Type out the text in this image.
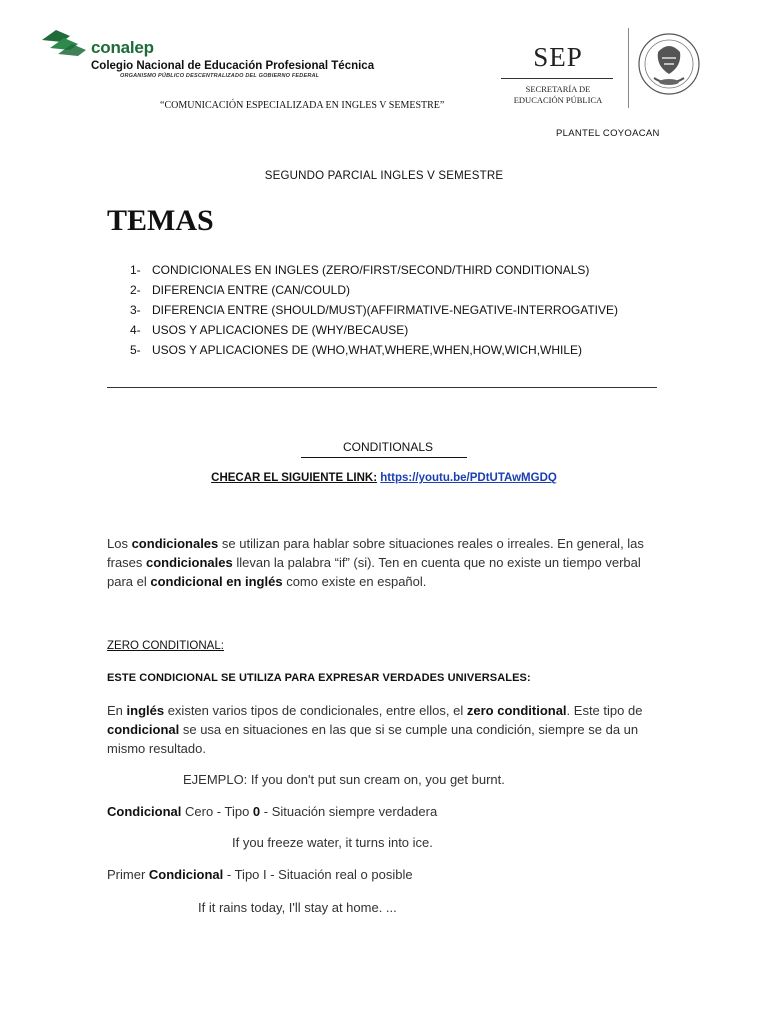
conalep
Colegio Nacional de Educación Profesional Técnica
ORGANISMO PÚBLICO DESCENTRALIZADO DEL GOBIERNO FEDERAL
“COMUNICACIÓN ESPECIALIZADA EN INGLES V SEMESTRE”
SEP
SECRETARÍA DE
EDUCACIÓN PÚBLICA
PLANTEL COYOACAN
SEGUNDO PARCIAL INGLES V SEMESTRE
TEMAS
1- CONDICIONALES EN INGLES (ZERO/FIRST/SECOND/THIRD CONDITIONALS)
2- DIFERENCIA ENTRE (CAN/COULD)
3- DIFERENCIA ENTRE (SHOULD/MUST)(AFFIRMATIVE-NEGATIVE-INTERROGATIVE)
4- USOS Y APLICACIONES DE (WHY/BECAUSE)
5- USOS Y APLICACIONES DE (WHO,WHAT,WHERE,WHEN,HOW,WICH,WHILE)
CONDITIONALS
CHECAR EL SIGUIENTE LINK: https://youtu.be/PDtUTAwMGDQ
Los condicionales se utilizan para hablar sobre situaciones reales o irreales. En general, las frases condicionales llevan la palabra “if” (si). Ten en cuenta que no existe un tiempo verbal para el condicional en inglés como existe en español.
ZERO CONDITIONAL:
ESTE CONDICIONAL SE UTILIZA PARA EXPRESAR VERDADES UNIVERSALES:
En inglés existen varios tipos de condicionales, entre ellos, el zero conditional. Este tipo de condicional se usa en situaciones en las que si se cumple una condición, siempre se da un mismo resultado.
EJEMPLO: If you don't put sun cream on, you get burnt.
Condicional Cero - Tipo 0 - Situación siempre verdadera
If you freeze water, it turns into ice.
Primer Condicional - Tipo I - Situación real o posible
If it rains today, I'll stay at home. ...
